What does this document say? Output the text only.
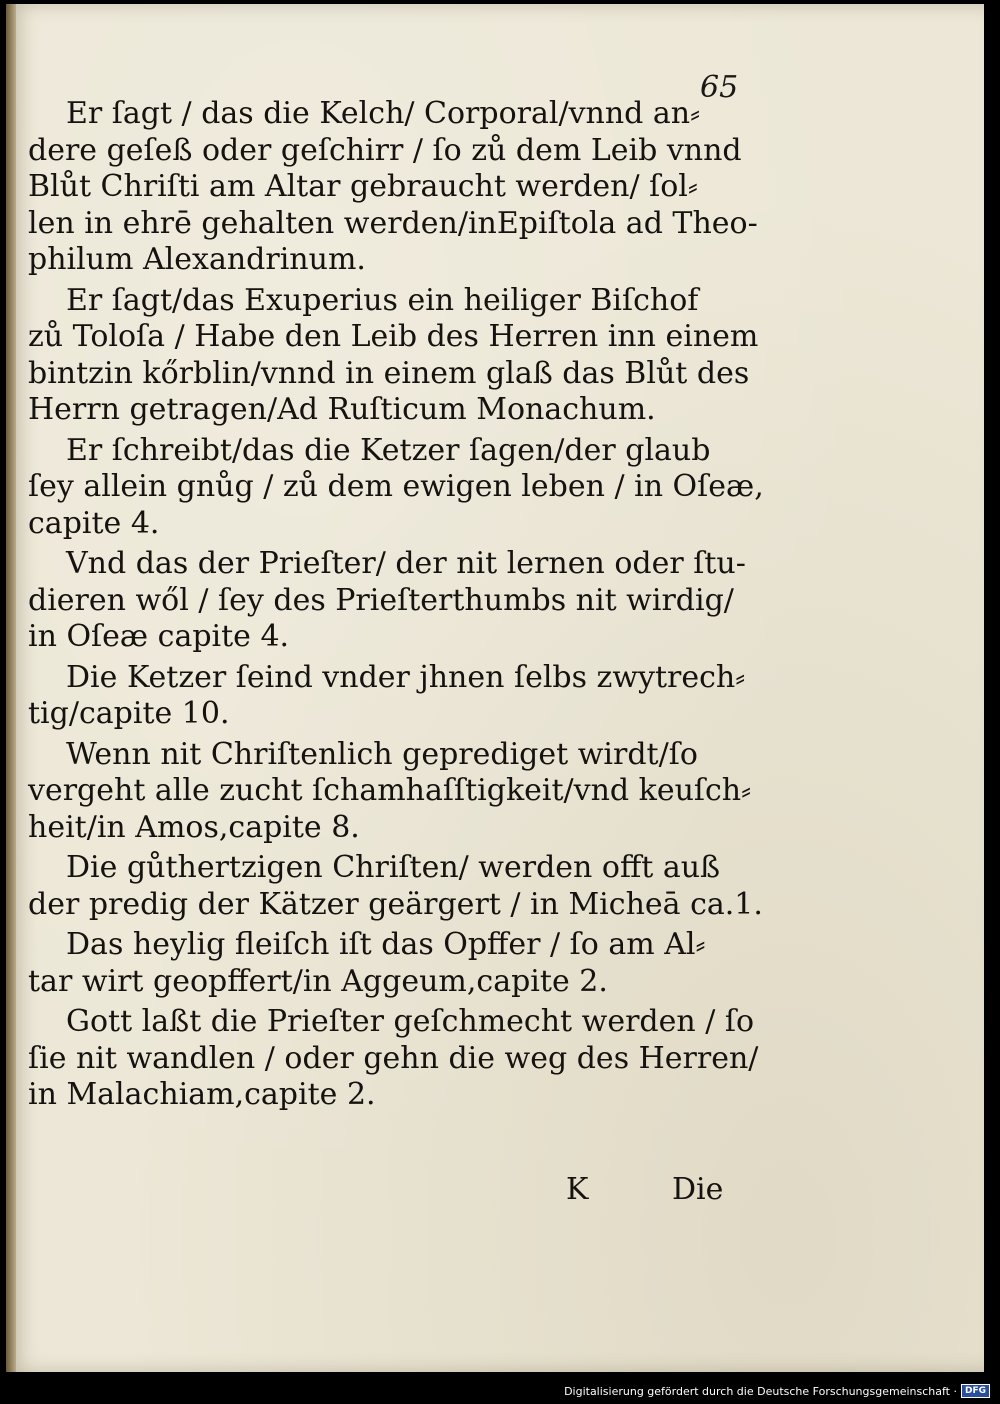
65

Er ſagt / das die Kelch/ Corporal/vnnd an⸗
dere geſeß oder geſchirr / ſo zů dem Leib vnnd
Blůt Chriſti am Altar gebraucht werden/ ſol⸗
len in ehrē gehalten werden/inEpiſtola ad Theo-
philum Alexandrinum.

Er ſagt/das Exuperius ein heiliger Biſchof
zů Toloſa / Habe den Leib des Herren inn einem
bintzin kőrblin/vnnd in einem glaß das Blůt des
Herrn getragen/Ad Ruſticum Monachum.

Er ſchreibt/das die Ketzer ſagen/der glaub
ſey allein gnůg / zů dem ewigen leben / in Oſeæ,
capite 4.

Vnd das der Prieſter/ der nit lernen oder ſtu-
dieren wől / ſey des Prieſterthumbs nit wirdig/
in Oſeæ capite 4.

Die Ketzer ſeind vnder jhnen ſelbs zwytrech⸗
tig/capite 10.

Wenn nit Chriſtenlich geprediget wirdt/ſo
vergeht alle zucht ſchamhaſſtigkeit/vnd keuſch⸗
heit/in Amos,capite 8.

Die gůthertzigen Chriſten/ werden offt auß
der predig der Kätzer geärgert / in Micheā ca.1.

Das heylig fleiſch iſt das Opffer / ſo am Al⸗
tar wirt geopffert/in Aggeum,capite 2.

Gott laßt die Prieſter geſchmecht werden / ſo
ſie nit wandlen / oder gehn die weg des Herren/
in Malachiam,capite 2.

K	Die
Digitalisierung gefördert durch die Deutsche Forschungsgemeinschaft · DFG
